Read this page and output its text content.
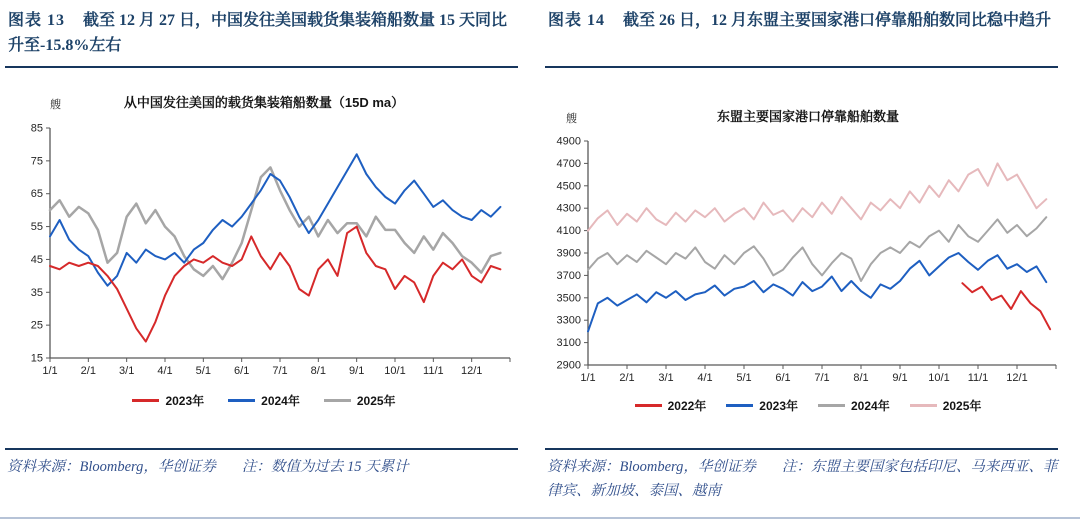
图表 13 截至 12 月 27 日，中国发往美国载货集装箱船数量 15 天同比升至-15.8%左右
艘	从中国发往美国的载货集装箱船数量（15D ma）
85
75
65
55
45
35
25
15
1/1 2/1 3/1 4/1 5/1 6/1 7/1 8/1 9/1 10/1 11/1 12/1
2023年	2024年	2025年
资料来源：Bloomberg，华创证券 注：数值为过去 15 天累计
图表 14 截至 26 日，12 月东盟主要国家港口停靠船舶数同比稳中趋升
艘	东盟主要国家港口停靠船舶数量
4900
4700
4500
4300
4100
3900
3700
3500
3300
3100
2900
1/1 2/1 3/1 4/1 5/1 6/1 7/1 8/1 9/1 10/1 11/1 12/1
2022年	2023年	2024年	2025年
资料来源：Bloomberg，华创证券 注：东盟主要国家包括印尼、马来西亚、菲律宾、新加坡、泰国、越南
